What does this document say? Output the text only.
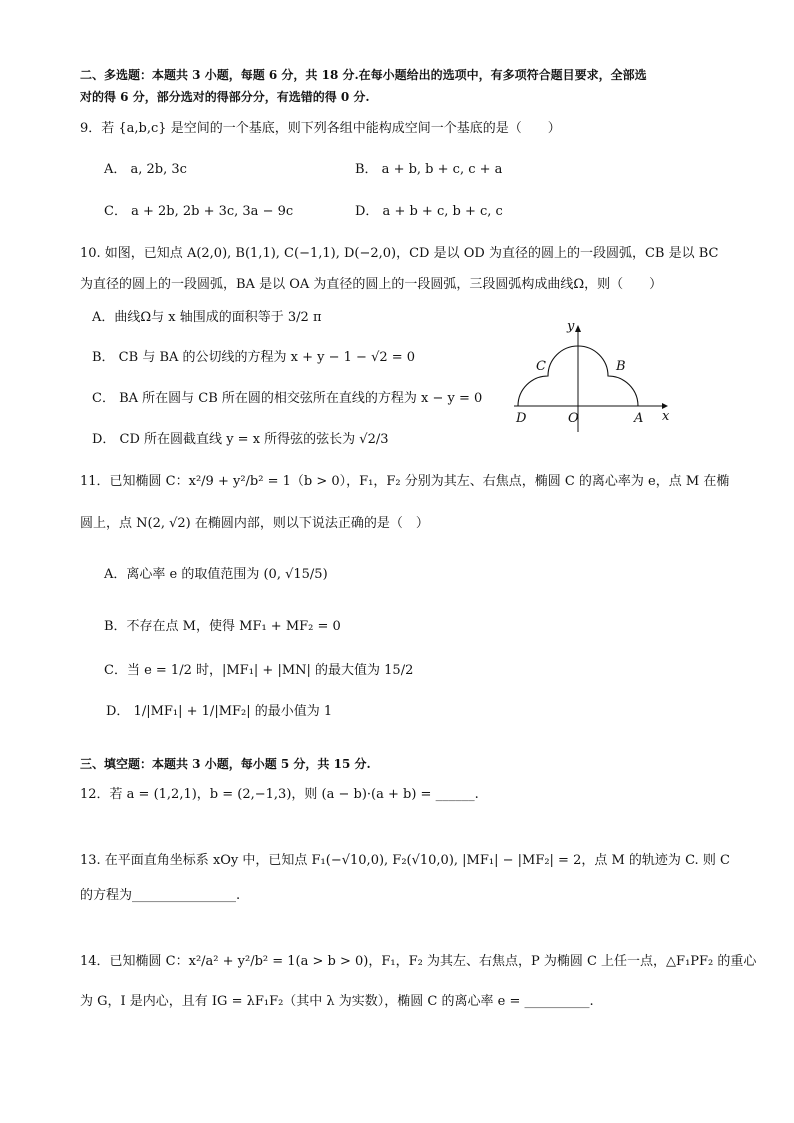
二、多选题：本题共 3 小题，每题 6 分，共 18 分.在每小题给出的选项中，有多项符合题目要求，全部选
对的得 6 分，部分选对的得部分分，有选错的得 0 分.
9．若 {a,b,c} 是空间的一个基底，则下列各组中能构成空间一个基底的是（　　）
A． a, 2b, 3c	B． a + b, b + c, c + a
C． a + 2b, 2b + 3c, 3a − 9c	D． a + b + c, b + c, c
10. 如图，已知点 A(2,0), B(1,1), C(−1,1), D(−2,0)，CD 是以 OD 为直径的圆上的一段圆弧，CB 是以 BC
为直径的圆上的一段圆弧，BA 是以 OA 为直径的圆上的一段圆弧，三段圆弧构成曲线Ω，则（　　）
A．曲线Ω与 x 轴围成的面积等于 3/2 π
B． CB 与 BA 的公切线的方程为 x + y − 1 − √2 = 0
C． BA 所在圆与 CB 所在圆的相交弦所在直线的方程为 x − y = 0
D． CD 所在圆截直线 y = x 所得弦的弦长为 √2/3
x
y
C	B
D	O	A
11．已知椭圆 C：x²/9 + y²/b² = 1（b > 0），F₁，F₂ 分别为其左、右焦点，椭圆 C 的离心率为 e，点 M 在椭
圆上，点 N(2, √2) 在椭圆内部，则以下说法正确的是（　）
A．离心率 e 的取值范围为 (0, √15/5)
B．不存在点 M，使得 MF₁ + MF₂ = 0
C．当 e = 1/2 时，|MF₁| + |MN| 的最大值为 15/2
D． 1/|MF₁| + 1/|MF₂| 的最小值为 1
三、填空题：本题共 3 小题，每小题 5 分，共 15 分.
12．若 a = (1,2,1)，b = (2,−1,3)，则 (a − b)·(a + b) = ______.
13. 在平面直角坐标系 xOy 中，已知点 F₁(−√10,0), F₂(√10,0), |MF₁| − |MF₂| = 2，点 M 的轨迹为 C. 则 C
的方程为________________.
14．已知椭圆 C：x²/a² + y²/b² = 1(a > b > 0)，F₁，F₂ 为其左、右焦点，P 为椭圆 C 上任一点，△F₁PF₂ 的重心
为 G，I 是内心，且有 IG = λF₁F₂（其中 λ 为实数），椭圆 C 的离心率 e = __________.
